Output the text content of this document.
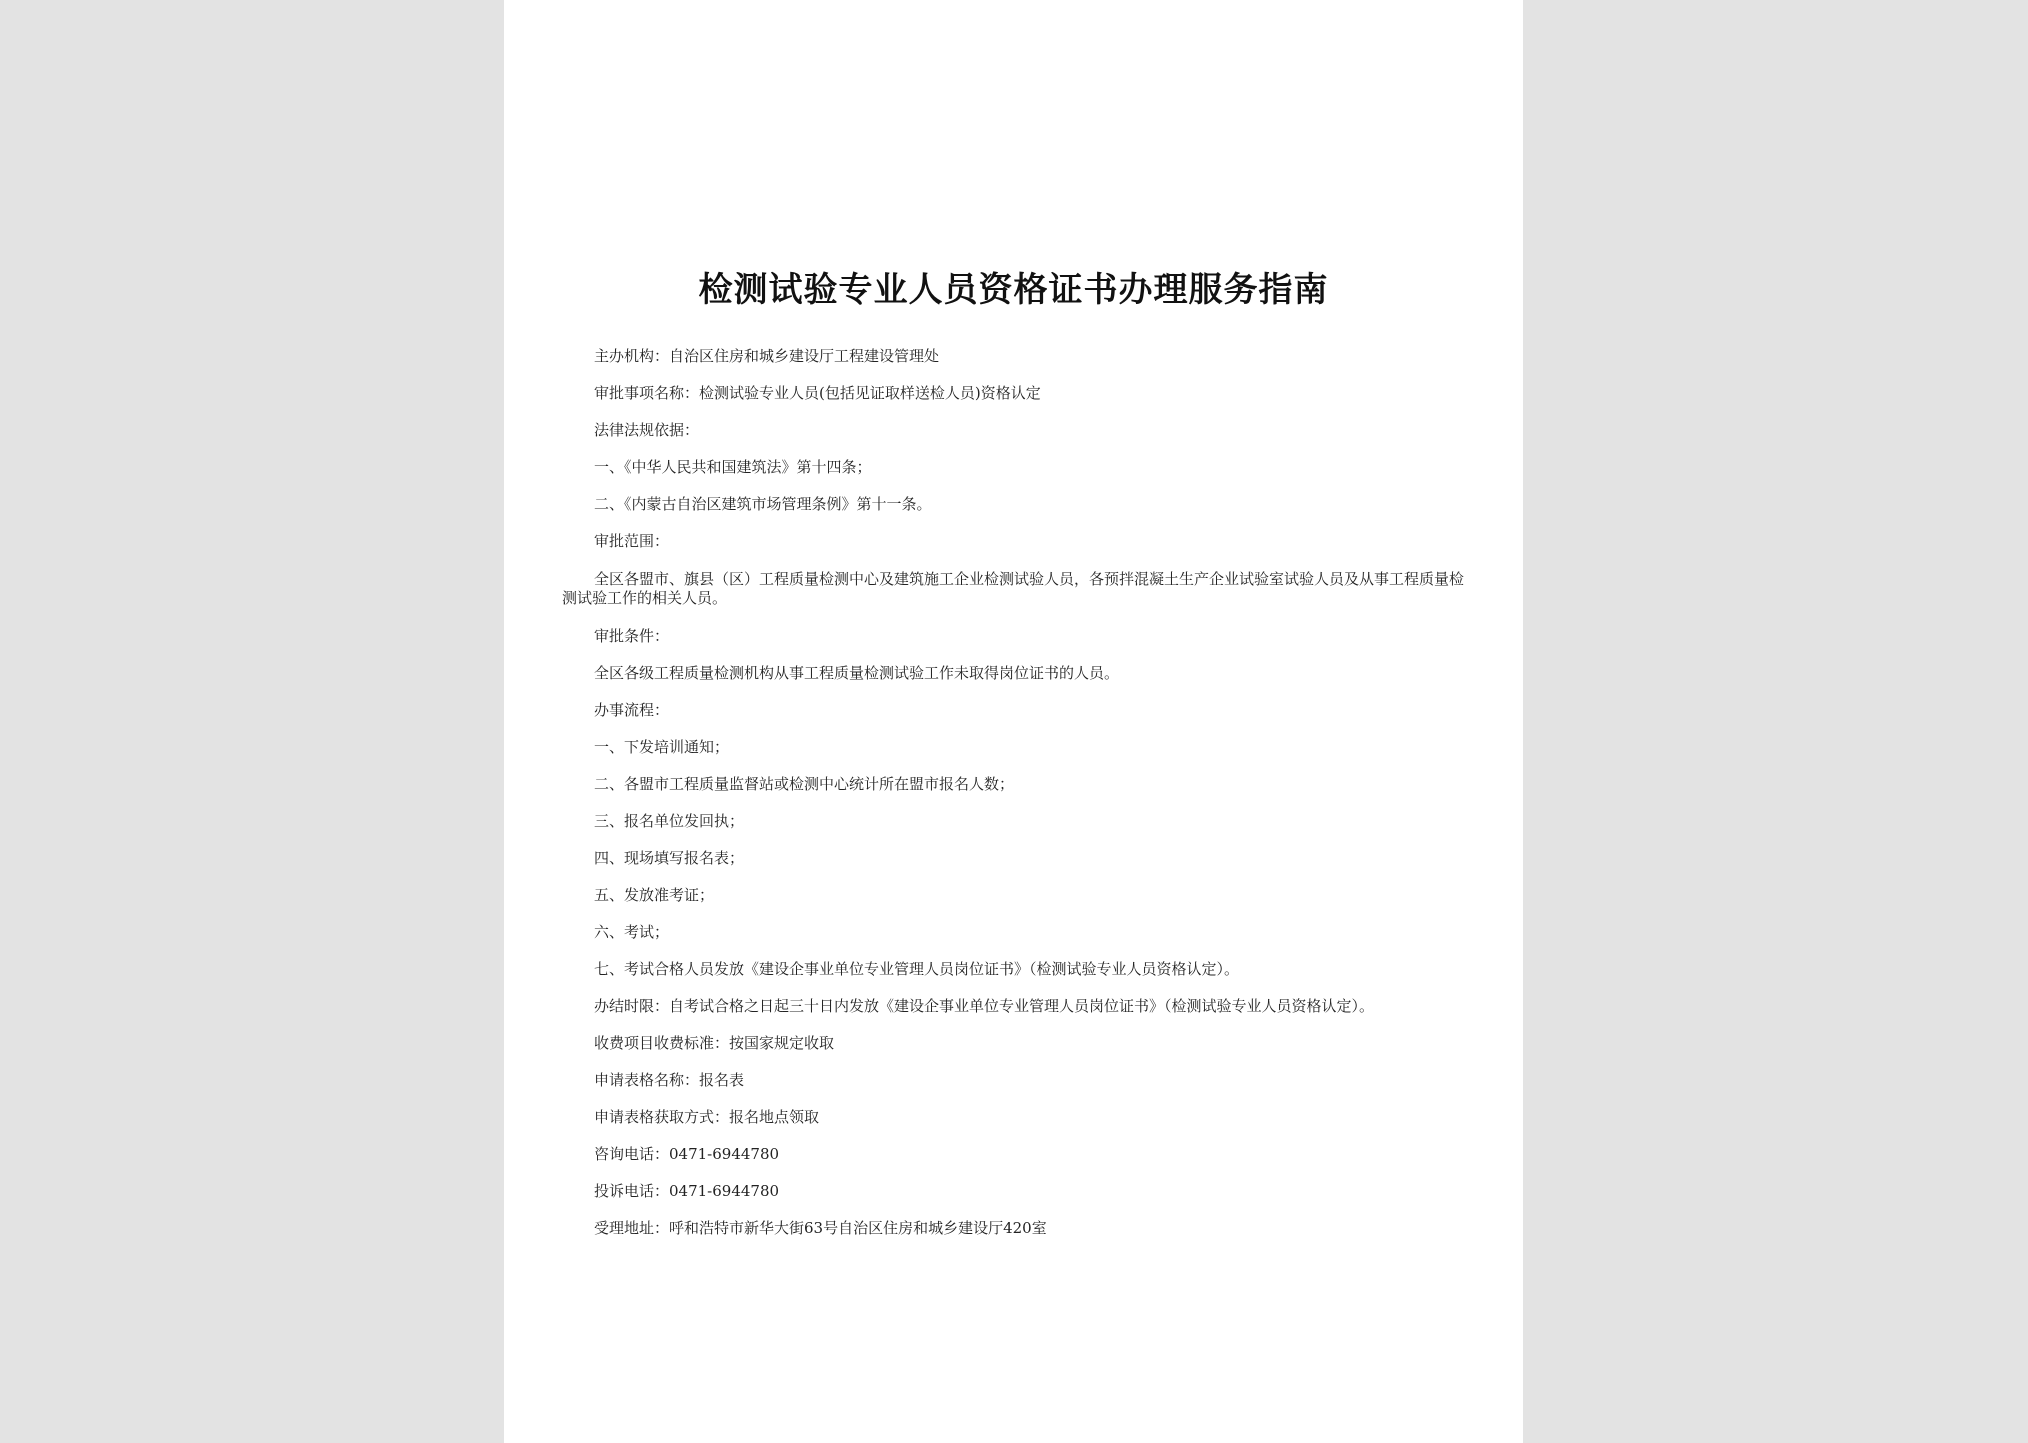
检测试验专业人员资格证书办理服务指南
主办机构：自治区住房和城乡建设厅工程建设管理处
审批事项名称：检测试验专业人员(包括见证取样送检人员)资格认定
法律法规依据：
一、《中华人民共和国建筑法》第十四条；
二、《内蒙古自治区建筑市场管理条例》第十一条。
审批范围：
全区各盟市、旗县（区）工程质量检测中心及建筑施工企业检测试验人员，各预拌混凝土生产企业试验室试验人员及从事工程质量检测试验工作的相关人员。
审批条件：
全区各级工程质量检测机构从事工程质量检测试验工作未取得岗位证书的人员。
办事流程：
一、下发培训通知；
二、各盟市工程质量监督站或检测中心统计所在盟市报名人数；
三、报名单位发回执；
四、现场填写报名表；
五、发放准考证；
六、考试；
七、考试合格人员发放《建设企事业单位专业管理人员岗位证书》（检测试验专业人员资格认定）。
办结时限：自考试合格之日起三十日内发放《建设企事业单位专业管理人员岗位证书》（检测试验专业人员资格认定）。
收费项目收费标准：按国家规定收取
申请表格名称：报名表
申请表格获取方式：报名地点领取
咨询电话：0471-6944780
投诉电话：0471-6944780
受理地址：呼和浩特市新华大街63号自治区住房和城乡建设厅420室
